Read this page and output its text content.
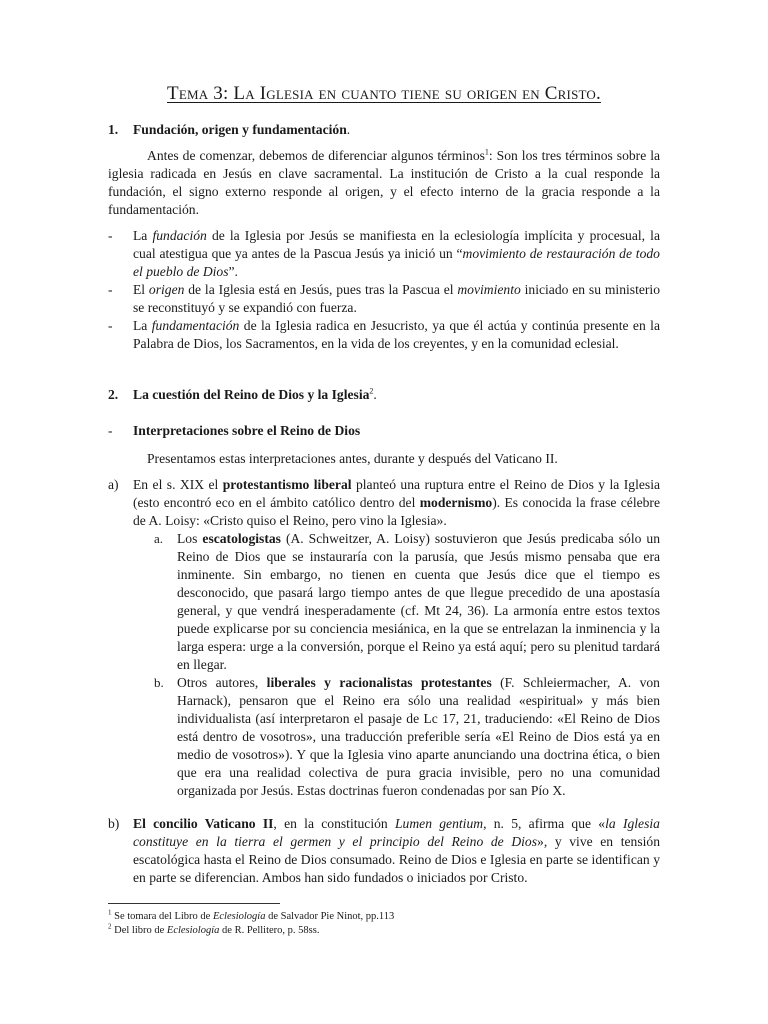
Tema 3: La Iglesia en cuanto tiene su origen en Cristo.
1. Fundación, origen y fundamentación.
Antes de comenzar, debemos de diferenciar algunos términos$^1$: Son los tres términos sobre la iglesia radicada en Jesús en clave sacramental. La institución de Cristo a la cual responde la fundación, el signo externo responde al origen, y el efecto interno de la gracia responde a la fundamentación.
-	La fundación de la Iglesia por Jesús se manifiesta en la eclesiología implícita y procesual, la cual atestigua que ya antes de la Pascua Jesús ya inició un “movimiento de restauración de todo el pueblo de Dios”.
-	El origen de la Iglesia está en Jesús, pues tras la Pascua el movimiento iniciado en su ministerio se reconstituyó y se expandió con fuerza.
-	La fundamentación de la Iglesia radica en Jesucristo, ya que él actúa y continúa presente en la Palabra de Dios, los Sacramentos, en la vida de los creyentes, y en la comunidad eclesial.
2. La cuestión del Reino de Dios y la Iglesia$^2$.
- Interpretaciones sobre el Reino de Dios
Presentamos estas interpretaciones antes, durante y después del Vaticano II.
a) En el s. XIX el protestantismo liberal planteó una ruptura entre el Reino de Dios y la Iglesia (esto encontró eco en el ámbito católico dentro del modernismo). Es conocida la frase célebre de A. Loisy: «Cristo quiso el Reino, pero vino la Iglesia».
a. Los escatologistas (A. Schweitzer, A. Loisy) sostuvieron que Jesús predicaba sólo un Reino de Dios que se instauraría con la parusía, que Jesús mismo pensaba que era inminente. Sin embargo, no tienen en cuenta que Jesús dice que el tiempo es desconocido, que pasará largo tiempo antes de que llegue precedido de una apostasía general, y que vendrá inesperadamente (cf. Mt 24, 36). La armonía entre estos textos puede explicarse por su conciencia mesiánica, en la que se entrelazan la inminencia y la larga espera: urge a la conversión, porque el Reino ya está aquí; pero su plenitud tardará en llegar.
b. Otros autores, liberales y racionalistas protestantes (F. Schleiermacher, A. von Harnack), pensaron que el Reino era sólo una realidad «espiritual» y más bien individualista (así interpretaron el pasaje de Lc 17, 21, traduciendo: «El Reino de Dios está dentro de vosotros», una traducción preferible sería «El Reino de Dios está ya en medio de vosotros»). Y que la Iglesia vino aparte anunciando una doctrina ética, o bien que era una realidad colectiva de pura gracia invisible, pero no una comunidad organizada por Jesús. Estas doctrinas fueron condenadas por san Pío X.
b) El concilio Vaticano II, en la constitución Lumen gentium, n. 5, afirma que «la Iglesia constituye en la tierra el germen y el principio del Reino de Dios», y vive en tensión escatológica hasta el Reino de Dios consumado. Reino de Dios e Iglesia en parte se identifican y en parte se diferencian. Ambos han sido fundados o iniciados por Cristo.
$^1$ Se tomara del Libro de Eclesiología de Salvador Pie Ninot, pp.113
$^2$ Del libro de Eclesiología de R. Pellitero, p. 58ss.
